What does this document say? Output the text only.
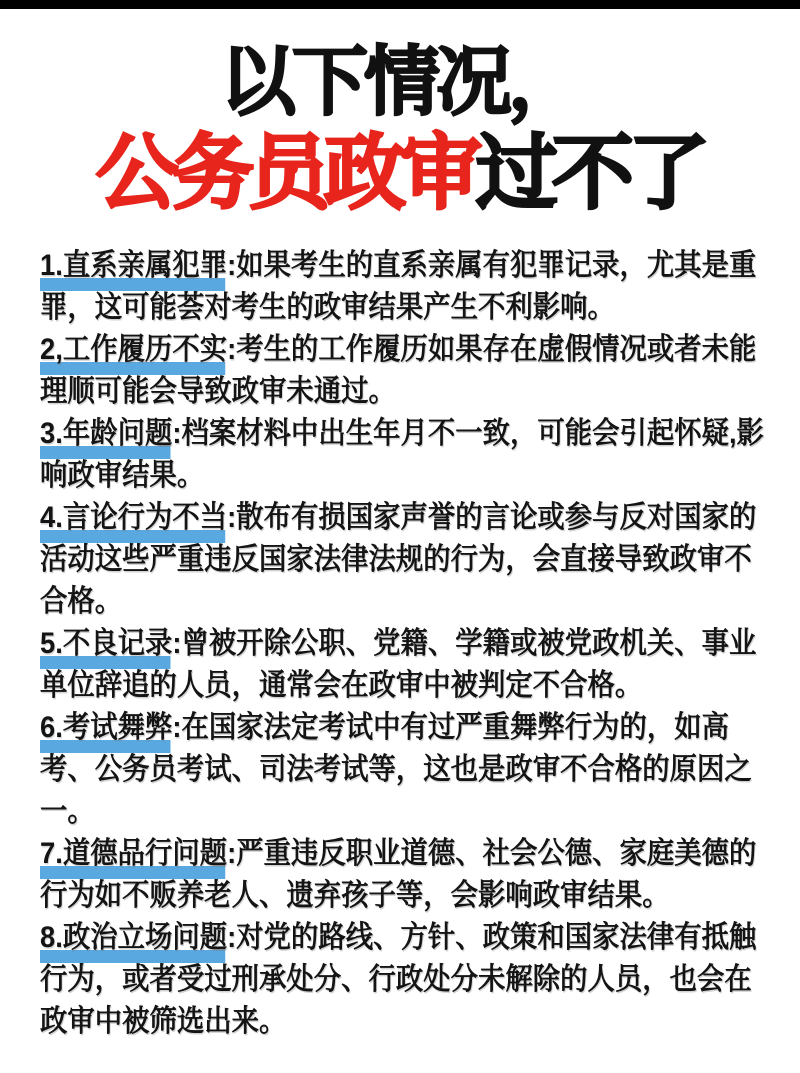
以下情况，
公务员政审过不了

1.直系亲属犯罪:如果考生的直系亲属有犯罪记录，尤其是重罪，这可能荟对考生的政审结果产生不利影响。

2,工作履历不实:考生的工作履历如果存在虚假情况或者未能理顺可能会导致政审未通过。

3.年龄问题:档案材料中出生年月不一致，可能会引起怀疑,影响政审结果。

4.言论行为不当:散布有损国家声誉的言论或参与反对国家的活动这些严重违反国家法律法规的行为，会直接导致政审不合格。

5.不良记录:曾被开除公职、党籍、学籍或被党政机关、事业单位辞追的人员，通常会在政审中被判定不合格。

6.考试舞弊:在国家法定考试中有过严重舞弊行为的，如高考、公务员考试、司法考试等，这也是政审不合格的原因之一。

7.道德品行问题:严重违反职业道德、社会公德、家庭美德的行为如不贩养老人、遗弃孩子等，会影响政审结果。

8.政治立场问题:对党的路线、方针、政策和国家法律有抵触行为，或者受过刑承处分、行政处分未解除的人员，也会在政审中被筛选出来。
